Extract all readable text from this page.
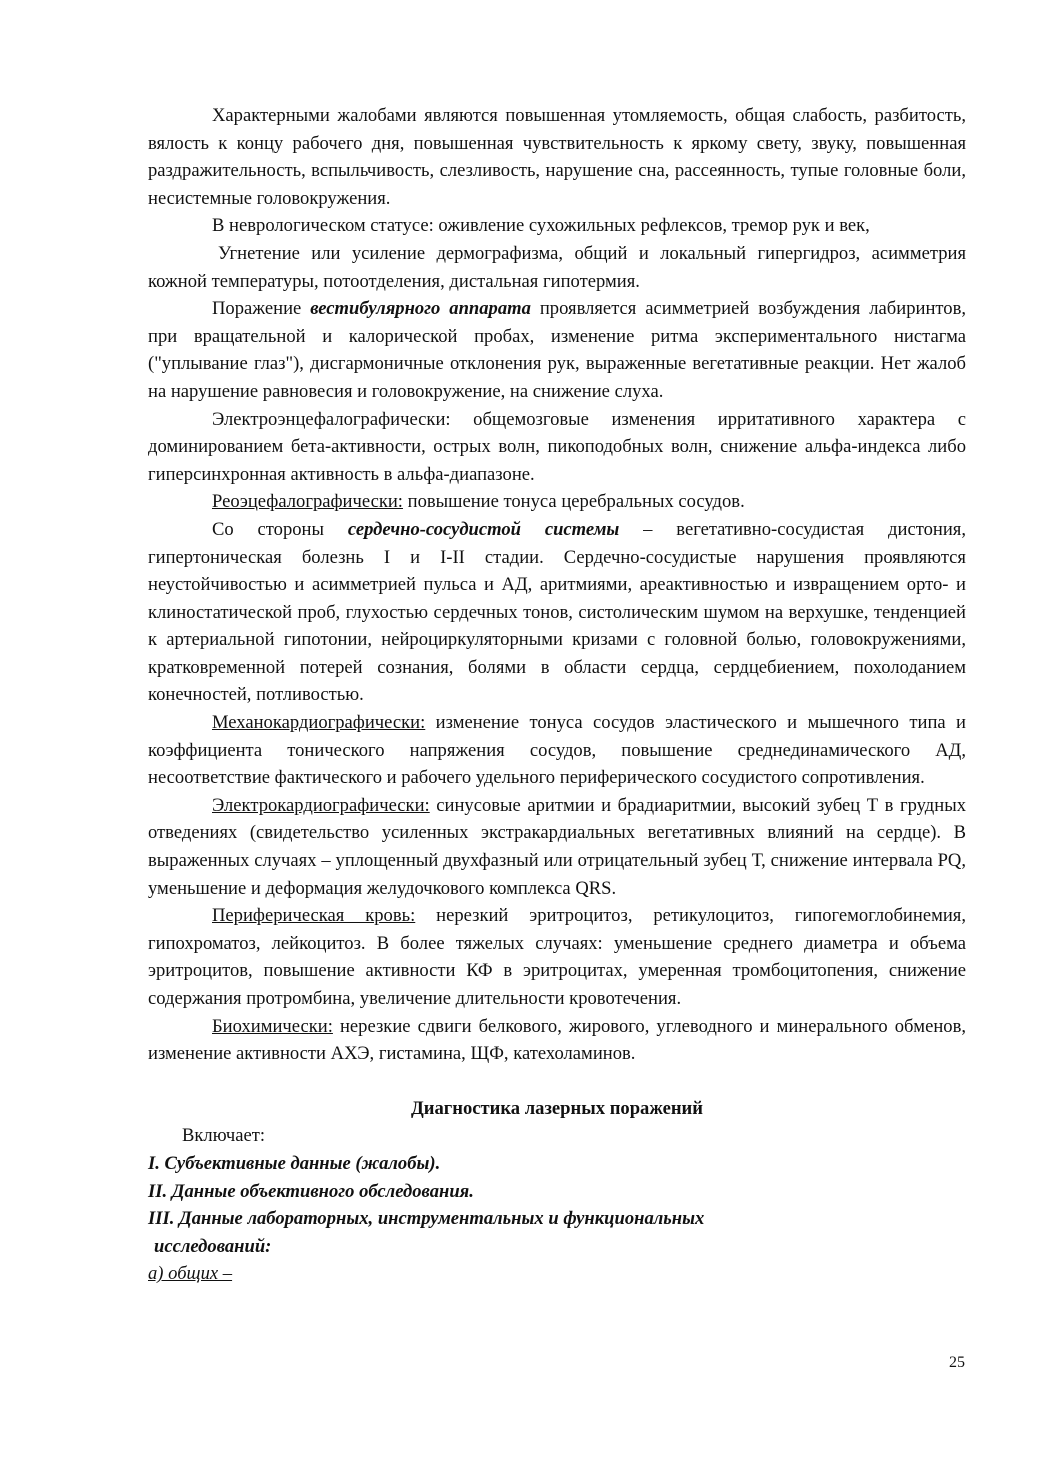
Характерными жалобами являются повышенная утомляемость, общая слабость, разбитость, вялость к концу рабочего дня, повышенная чувствительность к яркому свету, звуку, повышенная раздражительность, вспыльчивость, слезливость, нарушение сна, рассеянность, тупые головные боли, несистемные головокружения.

В неврологическом статусе: оживление сухожильных рефлексов, тремор рук и век,

Угнетение или усиление дермографизма, общий и локальный гипергидроз, асимметрия кожной температуры, потоотделения, дистальная гипотермия.

Поражение вестибулярного аппарата проявляется асимметрией возбуждения лабиринтов, при вращательной и калорической пробах, изменение ритма экспериментального нистагма ("уплывание глаз"), дисгармоничные отклонения рук, выраженные вегетативные реакции. Нет жалоб на нарушение равновесия и головокружение, на снижение слуха.

Электроэнцефалографически: общемозговые изменения ирритативного характера с доминированием бета-активности, острых волн, пикоподобных волн, снижение альфа-индекса либо гиперсинхронная активность в альфа-диапазоне.

Реоэцефалографически: повышение тонуса церебральных сосудов.

Со стороны сердечно-сосудистой системы – вегетативно-сосудистая дистония, гипертоническая болезнь I и I-II стадии. Сердечно-сосудистые нарушения проявляются неустойчивостью и асимметрией пульса и АД, аритмиями, ареактивностью и извращением орто- и клиностатической проб, глухостью сердечных тонов, систолическим шумом на верхушке, тенденцией к артериальной гипотонии, нейроциркуляторными кризами с головной болью, головокружениями, кратковременной потерей сознания, болями в области сердца, сердцебиением, похолоданием конечностей, потливостью.

Механокардиографически: изменение тонуса сосудов эластического и мышечного типа и коэффициента тонического напряжения сосудов, повышение среднединамического АД, несоответствие фактического и рабочего удельного периферического сосудистого сопротивления.

Электрокардиографически: синусовые аритмии и брадиаритмии, высокий зубец Т в грудных отведениях (свидетельство усиленных экстракардиальных вегетативных влияний на сердце). В выраженных случаях – уплощенный двухфазный или отрицательный зубец Т, снижение интервала PQ, уменьшение и деформация желудочкового комплекса QRS.

Периферическая кровь: нерезкий эритроцитоз, ретикулоцитоз, гипогемоглобинемия, гипохроматоз, лейкоцитоз. В более тяжелых случаях: уменьшение среднего диаметра и объема эритроцитов, повышение активности КФ в эритроцитах, умеренная тромбоцитопения, снижение содержания протромбина, увеличение длительности кровотечения.

Биохимически: нерезкие сдвиги белкового, жирового, углеводного и минерального обменов, изменение активности АХЭ, гистамина, ЩФ, катехоламинов.

Диагностика лазерных поражений

Включает:

I. Субъективные данные (жалобы).

II. Данные объективного обследования.

III. Данные лабораторных, инструментальных и функциональных

исследований:

а) общих –

25
